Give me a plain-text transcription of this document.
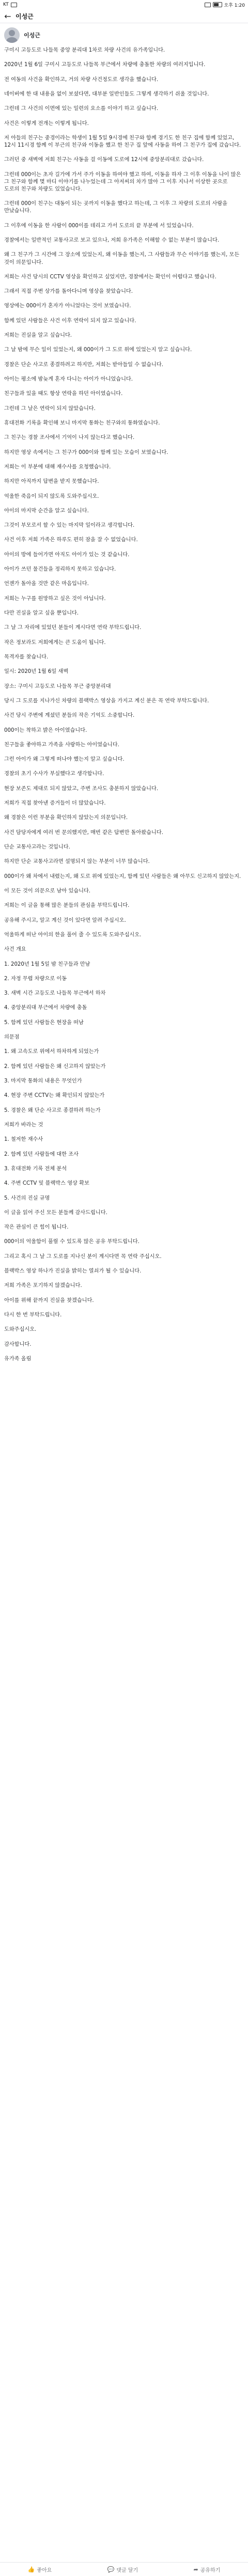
KT	오후 1:20
← 이성근
이성근
구미시 고등도로 나들목 중앙 분리대 1차로 차량 사건의 유가족입니다.

2020년 1월 6일 구미시 고등도로 나들목 부근에서 차량에 충돌한 차량의 여러지입니다.

전 여동의 사건을 확인하고, 거의 차량 사건정도로 생각을 했습니다.

네이버에 한 대 내용을 없이 보셨다면, 대부분 일반인들도 그렇게 생각하기 쉬울 것입니다.

그런데 그 사건의 이면에 있는 일련의 요소를 이야기 하고 싶습니다.

사건은 이렇게 전개는 이렇게 됩니다.

저 아들의 친구는 중경이라는 학생이 1월 5일 9시경에 친구와 함께 경기도 한 친구 집에 함께 있었고, 12시 11시경 함께 이 부근의 친구와 이동을 했고 한 친구 집 앞에 사동을 하여 그 친구가 집에 갔습니다.

그러던 중 새벽에 저희 친구는 사동을 걸 이동에 도로에 12시에 중앙분리대로 갔습니다.

그런데 000이는 초자 길가에 가서 주가 이동을 하여야 했고 하여, 이동을 하자 그 이후 이동을 나이 많은 그 친구와 함께 몇 마디 이야기를 나누었는데 그 아저씨의 차가 많아 그 이후 지나서 이상한 곳으로 도로의 친구와 차량도 있었습니다.

그런데 000이 친구는 대동이 되는 곳까지 이동을 했다고 하는데, 그 이후 그 차량의 도로의 사람을 만났습니다.

그 이후에 이동을 한 사람이 000이를 데리고 가서 도로의 끝 부분에 서 있었습니다.

경찰에서는 일반적인 교통사고로 보고 있으나, 저희 유가족은 이해할 수 없는 부분이 많습니다.

왜 그 친구가 그 시간에 그 장소에 있었는지, 왜 이동을 했는지, 그 사람들과 무슨 이야기를 했는지, 모든 것이 의문입니다.

저희는 사건 당시의 CCTV 영상을 확인하고 싶었지만, 경찰에서는 확인이 어렵다고 했습니다.

그래서 직접 주변 상가를 돌아다니며 영상을 찾았습니다.

영상에는 000이가 혼자가 아니었다는 것이 보였습니다.

함께 있던 사람들은 사건 이후 연락이 되지 않고 있습니다.

저희는 진실을 알고 싶습니다.

그 날 밤에 무슨 일이 있었는지, 왜 000이가 그 도로 위에 있었는지 알고 싶습니다.

경찰은 단순 사고로 종결하려고 하지만, 저희는 받아들일 수 없습니다.

아이는 평소에 밤늦게 혼자 다니는 아이가 아니었습니다.

친구들과 있을 때도 항상 연락을 하던 아이였습니다.

그런데 그 날은 연락이 되지 않았습니다.

휴대전화 기록을 확인해 보니 마지막 통화는 친구와의 통화였습니다.

그 친구는 경찰 조사에서 기억이 나지 않는다고 했습니다.

하지만 영상 속에서는 그 친구가 000이와 함께 있는 모습이 보였습니다.

저희는 이 부분에 대해 재수사를 요청했습니다.

하지만 아직까지 답변을 받지 못했습니다.

억울한 죽음이 되지 않도록 도와주십시오.

아이의 마지막 순간을 알고 싶습니다.

그것이 부모로서 할 수 있는 마지막 일이라고 생각합니다.

사건 이후 저희 가족은 하루도 편히 잠을 잘 수 없었습니다.

아이의 방에 들어가면 아직도 아이가 있는 것 같습니다.

아이가 쓰던 물건들을 정리하지 못하고 있습니다.

언젠가 돌아올 것만 같은 마음입니다.

저희는 누구를 원망하고 싶은 것이 아닙니다.

다만 진실을 알고 싶을 뿐입니다.

그 날 그 자리에 있었던 분들이 계시다면 연락 부탁드립니다.

작은 정보라도 저희에게는 큰 도움이 됩니다.

목격자를 찾습니다.

일시: 2020년 1월 6일 새벽

장소: 구미시 고등도로 나들목 부근 중앙분리대

당시 그 도로를 지나가신 차량의 블랙박스 영상을 가지고 계신 분은 꼭 연락 부탁드립니다.

사건 당시 주변에 계셨던 분들의 작은 기억도 소중합니다.

000이는 착하고 밝은 아이였습니다.

친구들을 좋아하고 가족을 사랑하는 아이였습니다.

그런 아이가 왜 그렇게 떠나야 했는지 알고 싶습니다.

경찰의 초기 수사가 부실했다고 생각합니다.

현장 보존도 제대로 되지 않았고, 주변 조사도 충분하지 않았습니다.

저희가 직접 찾아낸 증거들이 더 많았습니다.

왜 경찰은 이런 부분을 확인하지 않았는지 의문입니다.

사건 담당자에게 여러 번 문의했지만, 매번 같은 답변만 돌아왔습니다.

단순 교통사고라는 것입니다.

하지만 단순 교통사고라면 설명되지 않는 부분이 너무 많습니다.

000이가 왜 차에서 내렸는지, 왜 도로 위에 있었는지, 함께 있던 사람들은 왜 아무도 신고하지 않았는지.

이 모든 것이 의문으로 남아 있습니다.

저희는 이 글을 통해 많은 분들의 관심을 부탁드립니다.

공유해 주시고, 알고 계신 것이 있다면 알려 주십시오.

억울하게 떠난 아이의 한을 풀어 줄 수 있도록 도와주십시오.

사건 개요

1. 2020년 1월 5일 밤 친구들과 만남

2. 자정 무렵 차량으로 이동

3. 새벽 시간 고등도로 나들목 부근에서 하차

4. 중앙분리대 부근에서 차량에 충돌

5. 함께 있던 사람들은 현장을 떠남

의문점

1. 왜 고속도로 위에서 하차하게 되었는가

2. 함께 있던 사람들은 왜 신고하지 않았는가

3. 마지막 통화의 내용은 무엇인가

4. 현장 주변 CCTV는 왜 확인되지 않았는가

5. 경찰은 왜 단순 사고로 종결하려 하는가

저희가 바라는 것

1. 철저한 재수사

2. 함께 있던 사람들에 대한 조사

3. 휴대전화 기록 전체 분석

4. 주변 CCTV 및 블랙박스 영상 확보

5. 사건의 진실 규명

이 글을 읽어 주신 모든 분들께 감사드립니다.

작은 관심이 큰 힘이 됩니다.

000이의 억울함이 풀릴 수 있도록 많은 공유 부탁드립니다.

그리고 혹시 그 날 그 도로를 지나신 분이 계시다면 꼭 연락 주십시오.

블랙박스 영상 하나가 진실을 밝히는 열쇠가 될 수 있습니다.

저희 가족은 포기하지 않겠습니다.

아이를 위해 끝까지 진실을 찾겠습니다.

다시 한 번 부탁드립니다.

도와주십시오.

감사합니다.

유가족 올림
👍 좋아요	💬 댓글 달기	➦ 공유하기
